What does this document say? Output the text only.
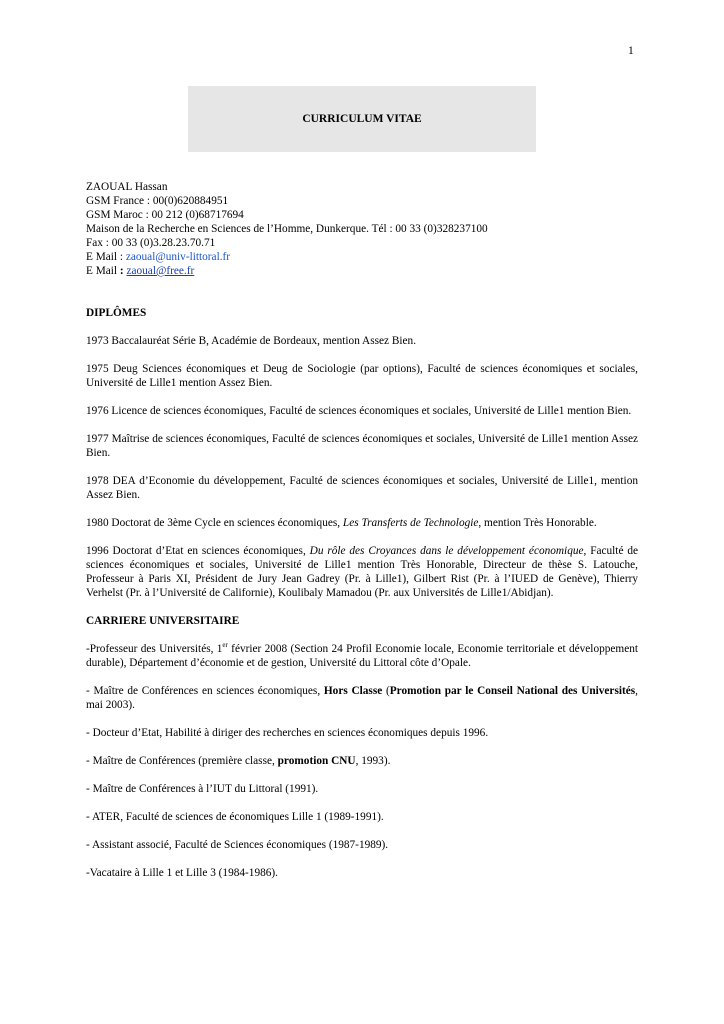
1
CURRICULUM VITAE
ZAOUAL Hassan
GSM France : 00(0)620884951
GSM Maroc : 00 212 (0)68717694
Maison de la Recherche en Sciences de l’Homme, Dunkerque. Tél : 00 33 (0)328237100
Fax : 00 33 (0)3.28.23.70.71
E Mail : zaoual@univ-littoral.fr
E Mail : zaoual@free.fr
DIPLÔMES
1973 Baccalauréat Série B, Académie de Bordeaux, mention Assez Bien.
1975 Deug Sciences économiques et Deug de Sociologie (par options), Faculté de sciences économiques et sociales, Université de Lille1 mention Assez Bien.
1976 Licence de sciences économiques, Faculté de sciences économiques et sociales, Université de Lille1 mention Bien.
1977 Maîtrise de sciences économiques, Faculté de sciences économiques et sociales, Université de Lille1 mention Assez Bien.
1978 DEA d’Economie du développement, Faculté de sciences économiques et sociales, Université de Lille1, mention Assez Bien.
1980 Doctorat de 3ème Cycle en sciences économiques, Les Transferts de Technologie, mention Très Honorable.
1996 Doctorat d’Etat en sciences économiques, Du rôle des Croyances dans le développement économique, Faculté de sciences économiques et sociales, Université de Lille1 mention Très Honorable, Directeur de thèse S. Latouche, Professeur à Paris XI, Président de Jury Jean Gadrey (Pr. à Lille1), Gilbert Rist (Pr. à l’IUED de Genève), Thierry Verhelst (Pr. à l’Université de Californie), Koulibaly Mamadou (Pr. aux Universités de Lille1/Abidjan).
CARRIERE UNIVERSITAIRE
-Professeur des Universités, 1er février 2008 (Section 24 Profil Economie locale, Economie territoriale et développement durable), Département d’économie et de gestion, Université du Littoral côte d’Opale.
- Maître de Conférences en sciences économiques, Hors Classe (Promotion par le Conseil National des Universités, mai 2003).
- Docteur d’Etat, Habilité à diriger des recherches en sciences économiques depuis 1996.
- Maître de Conférences (première classe, promotion CNU, 1993).
- Maître de Conférences à l’IUT du Littoral (1991).
- ATER, Faculté de sciences de économiques Lille 1 (1989-1991).
- Assistant associé, Faculté de Sciences économiques (1987-1989).
-Vacataire à Lille 1 et Lille 3 (1984-1986).
